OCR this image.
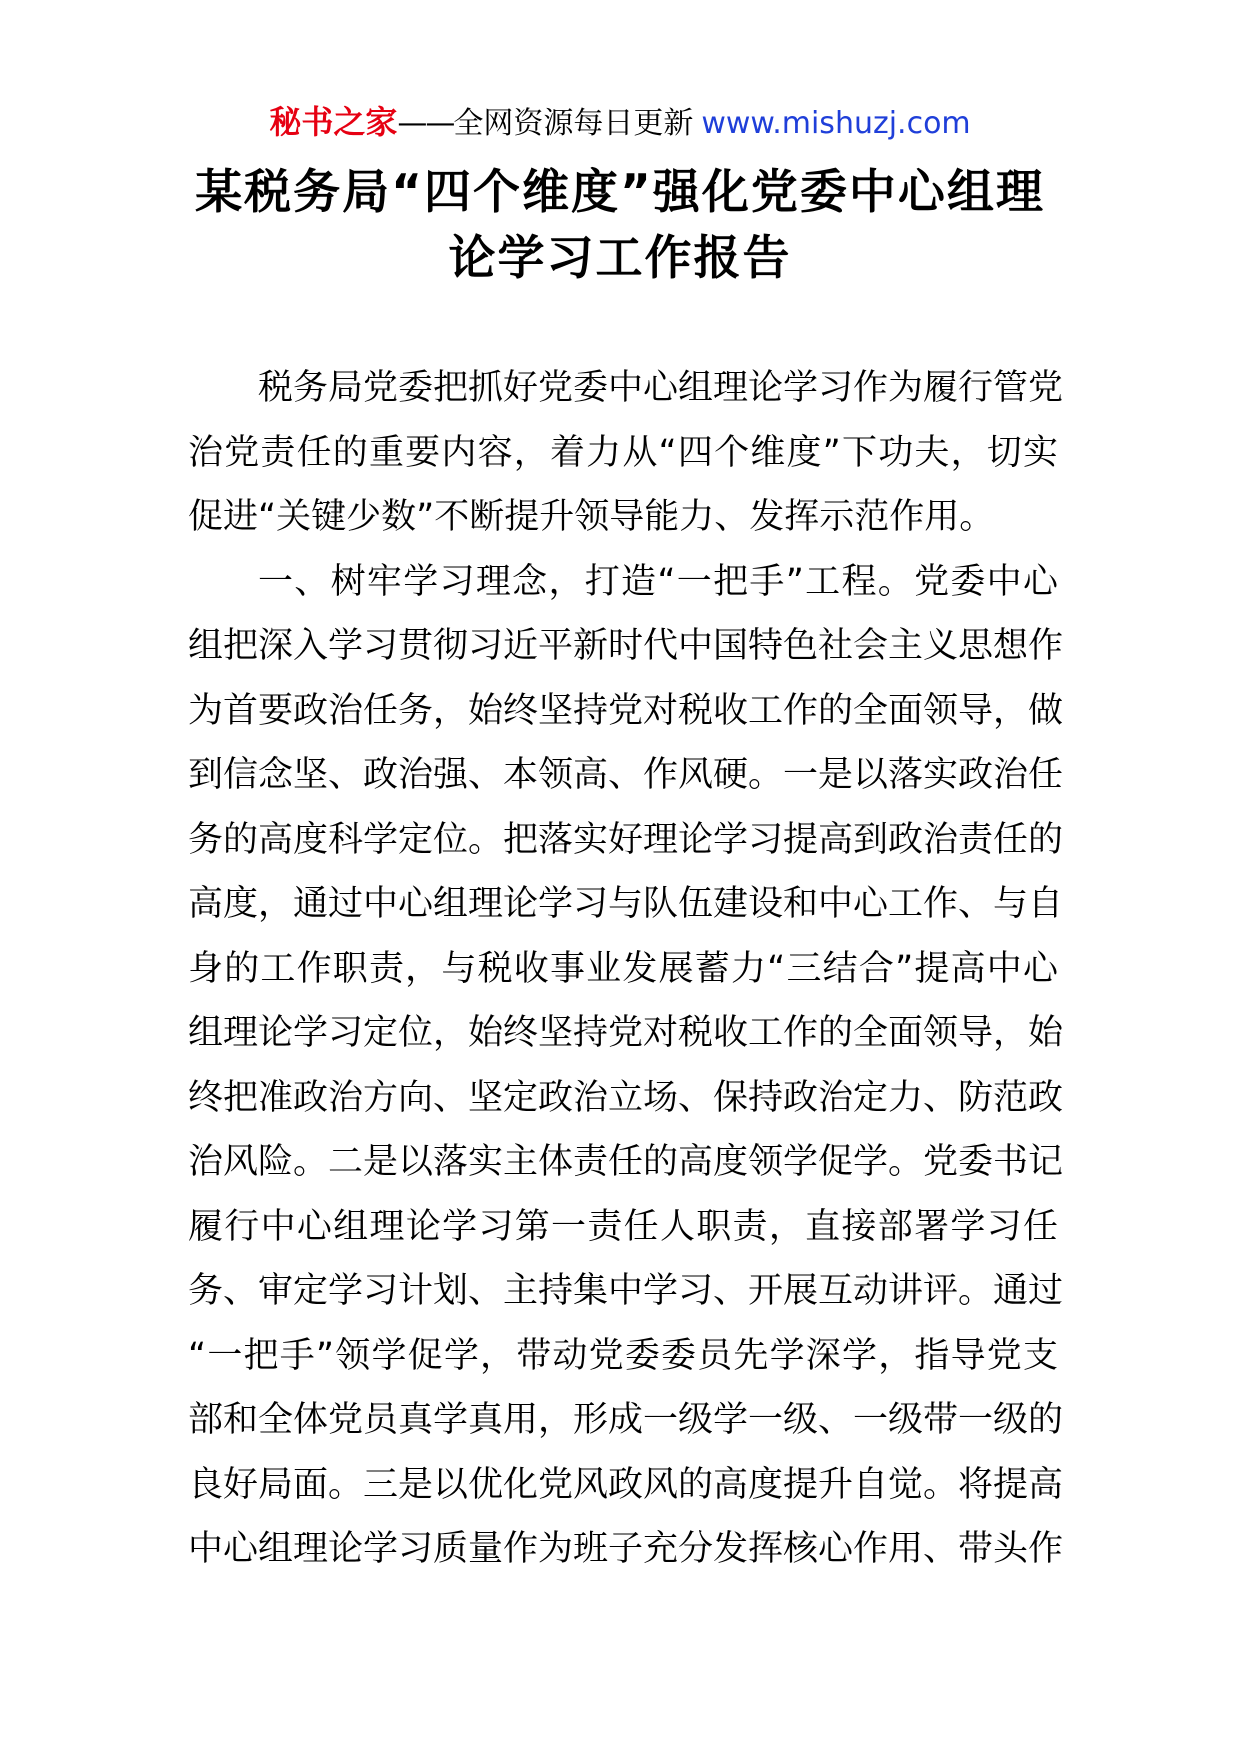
秘书之家——全网资源每日更新 www.mishuzj.com
某税务局“四个维度”强化党委中心组理
论学习工作报告
税务局党委把抓好党委中心组理论学习作为履行管党
治党责任的重要内容，着力从“四个维度”下功夫，切实
促进“关键少数”不断提升领导能力、发挥示范作用。
一、树牢学习理念，打造“一把手”工程。党委中心
组把深入学习贯彻习近平新时代中国特色社会主义思想作
为首要政治任务，始终坚持党对税收工作的全面领导，做
到信念坚、政治强、本领高、作风硬。一是以落实政治任
务的高度科学定位。把落实好理论学习提高到政治责任的
高度，通过中心组理论学习与队伍建设和中心工作、与自
身的工作职责，与税收事业发展蓄力“三结合”提高中心
组理论学习定位，始终坚持党对税收工作的全面领导，始
终把准政治方向、坚定政治立场、保持政治定力、防范政
治风险。二是以落实主体责任的高度领学促学。党委书记
履行中心组理论学习第一责任人职责，直接部署学习任
务、审定学习计划、主持集中学习、开展互动讲评。通过
“一把手”领学促学，带动党委委员先学深学，指导党支
部和全体党员真学真用，形成一级学一级、一级带一级的
良好局面。三是以优化党风政风的高度提升自觉。将提高
中心组理论学习质量作为班子充分发挥核心作用、带头作
